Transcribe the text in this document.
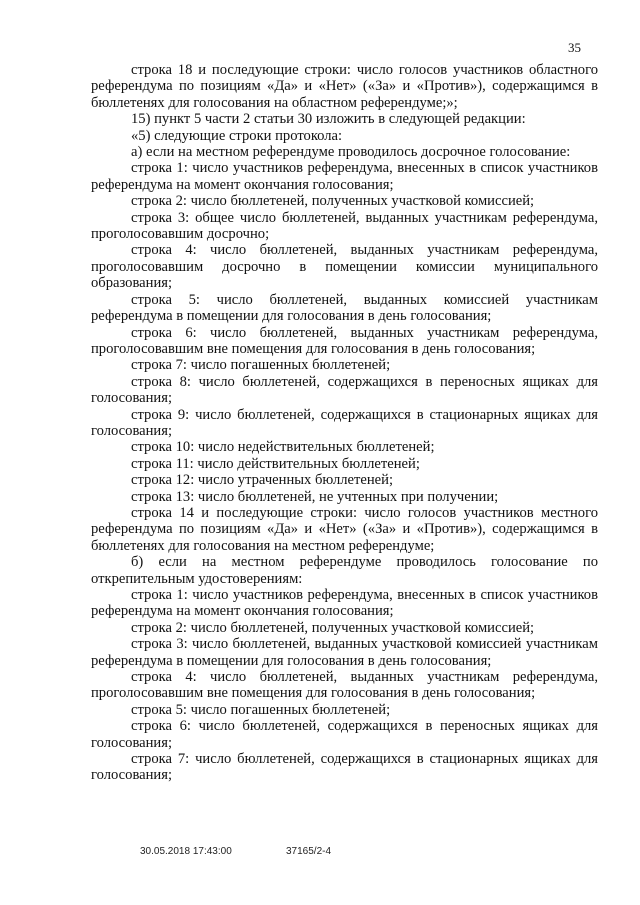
35

строка 18 и последующие строки: число голосов участников областного референдума по позициям «Да» и «Нет» («За» и «Против»), содержащимся в бюллетенях для голосования на областном референдуме;»;

15) пункт 5 части 2 статьи 30 изложить в следующей редакции:

«5) следующие строки протокола:

а) если на местном референдуме проводилось досрочное голосование:

строка 1: число участников референдума, внесенных в список участников референдума на момент окончания голосования;

строка 2: число бюллетеней, полученных участковой комиссией;

строка 3: общее число бюллетеней, выданных участникам референдума, проголосовавшим досрочно;

строка 4: число бюллетеней, выданных участникам референдума, проголосовавшим досрочно в помещении комиссии муниципального образования;

строка 5: число бюллетеней, выданных комиссией участникам референдума в помещении для голосования в день голосования;

строка 6: число бюллетеней, выданных участникам референдума, проголосовавшим вне помещения для голосования в день голосования;

строка 7: число погашенных бюллетеней;

строка 8: число бюллетеней, содержащихся в переносных ящиках для голосования;

строка 9: число бюллетеней, содержащихся в стационарных ящиках для голосования;

строка 10: число недействительных бюллетеней;

строка 11: число действительных бюллетеней;

строка 12: число утраченных бюллетеней;

строка 13: число бюллетеней, не учтенных при получении;

строка 14 и последующие строки: число голосов участников местного референдума по позициям «Да» и «Нет» («За» и «Против»), содержащимся в бюллетенях для голосования на местном референдуме;

б) если на местном референдуме проводилось голосование по открепительным удостоверениям:

строка 1: число участников референдума, внесенных в список участников референдума на момент окончания голосования;

строка 2: число бюллетеней, полученных участковой комиссией;

строка 3: число бюллетеней, выданных участковой комиссией участникам референдума в помещении для голосования в день голосования;

строка 4: число бюллетеней, выданных участникам референдума, проголосовавшим вне помещения для голосования в день голосования;

строка 5: число погашенных бюллетеней;

строка 6: число бюллетеней, содержащихся в переносных ящиках для голосования;

строка 7: число бюллетеней, содержащихся в стационарных ящиках для голосования;

30.05.2018 17:43:00	37165/2-4
